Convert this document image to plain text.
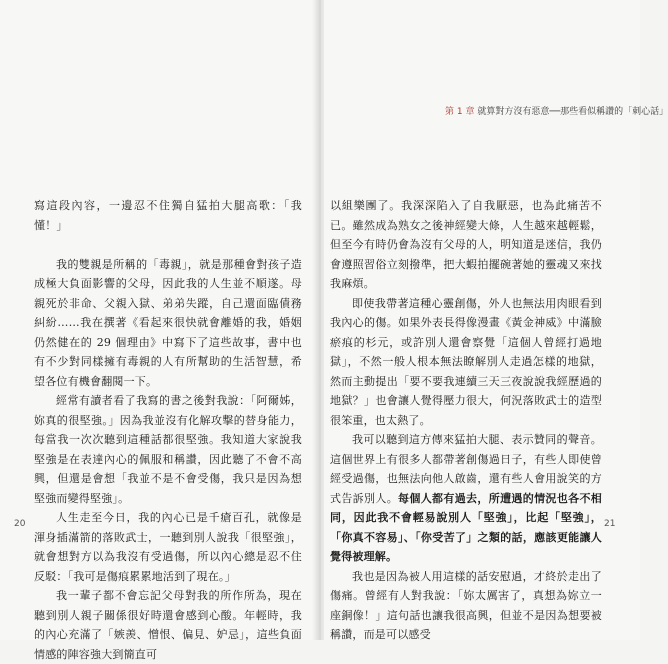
寫這段內容，一邊忍不住獨自猛拍大腿高歌：「我懂！」

我的雙親是所稱的「毒親」，就是那種會對孩子造成極大負面影響的父母，因此我的人生並不順遂。母親死於非命、父親入獄、弟弟失蹤，自己還面臨債務糾紛……我在撰著《看起來很快就會離婚的我，婚姻仍然健在的 29 個理由》中寫下了這些故事，書中也有不少對同樣擁有毒親的人有所幫助的生活智慧，希望各位有機會翻閱一下。

經常有讀者看了我寫的書之後對我說：「阿爾姊，妳真的很堅強。」因為我並沒有化解攻擊的替身能力，每當我一次次聽到這種話都很堅強。我知道大家說我堅強是在表達內心的佩服和稱讚，因此聽了不會不高興，但還是會想「我並不是不會受傷，我只是因為想堅強而變得堅強」。

人生走至今日，我的內心已是千瘡百孔，就像是渾身插滿箭的落敗武士，一聽到別人說我「很堅強」，就會想對方以為我沒有受過傷，所以內心總是忍不住反駁：「我可是傷痕累累地活到了現在。」

我一輩子都不會忘記父母對我的所作所為，現在聽到別人親子關係很好時還會感到心酸。年輕時，我的內心充滿了「嫉羨、憎恨、偏見、妒忌」，這些負面情感的陣容強大到簡直可

20
第 1 章 就算對方沒有惡意──那些看似稱讚的「刺心話」

以組樂團了。我深深陷入了自我厭惡，也為此痛苦不已。雖然成為熟女之後神經變大條，人生越來越輕鬆，但至今有時仍會為沒有父母的人，明知道是迷信，我仍會遵照習俗立刻撥準，把大蝦拍擺碗著她的靈魂又來找我麻煩。

即使我帶著這種心靈創傷，外人也無法用肉眼看到我內心的傷。如果外表長得像漫畫《黃金神威》中滿臉瘀痕的杉元，或許別人還會察覺「這個人曾經打過地獄」，不然一般人根本無法瞭解別人走過怎樣的地獄，然而主動提出「要不要我連續三天三夜說說我經歷過的地獄？」也會讓人覺得壓力很大，何況落敗武士的造型很笨重，也太熱了。

我可以聽到這方傳來猛拍大腿、表示贊同的聲音。這個世界上有很多人都帶著創傷過日子，有些人即使曾經受過傷，也無法向他人啟齒，還有些人會用說笑的方式告訴別人。每個人都有過去，所遭遇的情況也各不相同，因此我不會輕易說別人「堅強」，比起「堅強」，「你真不容易」、「你受苦了」之類的話，應該更能讓人覺得被理解。

我也是因為被人用這樣的話安慰過，才終於走出了傷痛。曾經有人對我說：「妳太厲害了，真想為妳立一座銅像！」這句話也讓我很高興，但並不是因為想要被稱讚，而是可以感受

21
